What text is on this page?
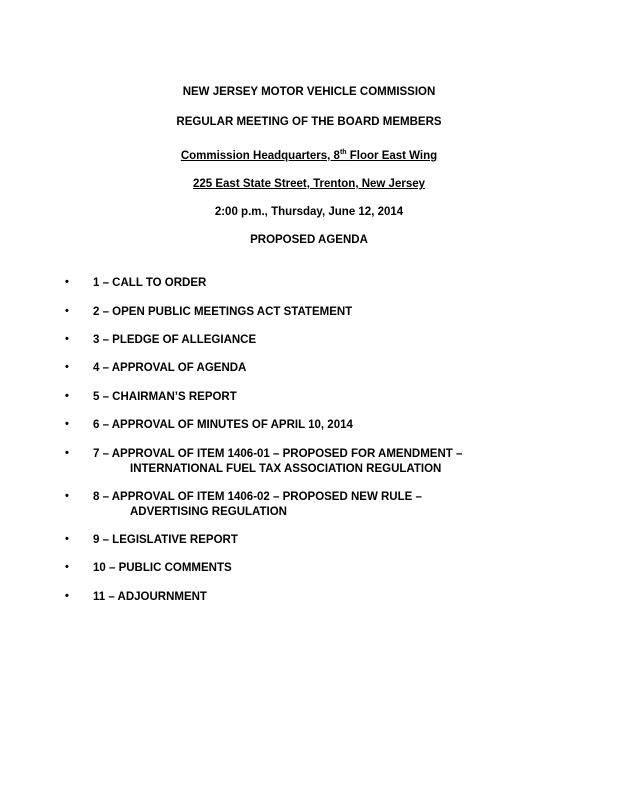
NEW JERSEY MOTOR VEHICLE COMMISSION
REGULAR MEETING OF THE BOARD MEMBERS
Commission Headquarters, 8th Floor East Wing
225 East State Street, Trenton, New Jersey
2:00 p.m., Thursday, June 12, 2014
PROPOSED AGENDA
• 1 – CALL TO ORDER
• 2 – OPEN PUBLIC MEETINGS ACT STATEMENT
• 3 – PLEDGE OF ALLEGIANCE
• 4 – APPROVAL OF AGENDA
• 5 – CHAIRMAN’S REPORT
• 6 – APPROVAL OF MINUTES OF APRIL 10, 2014
• 7 – APPROVAL OF ITEM 1406-01 – PROPOSED FOR AMENDMENT –
INTERNATIONAL FUEL TAX ASSOCIATION REGULATION
• 8 – APPROVAL OF ITEM 1406-02 – PROPOSED NEW RULE –
ADVERTISING REGULATION
• 9 – LEGISLATIVE REPORT
• 10 – PUBLIC COMMENTS
• 11 – ADJOURNMENT
